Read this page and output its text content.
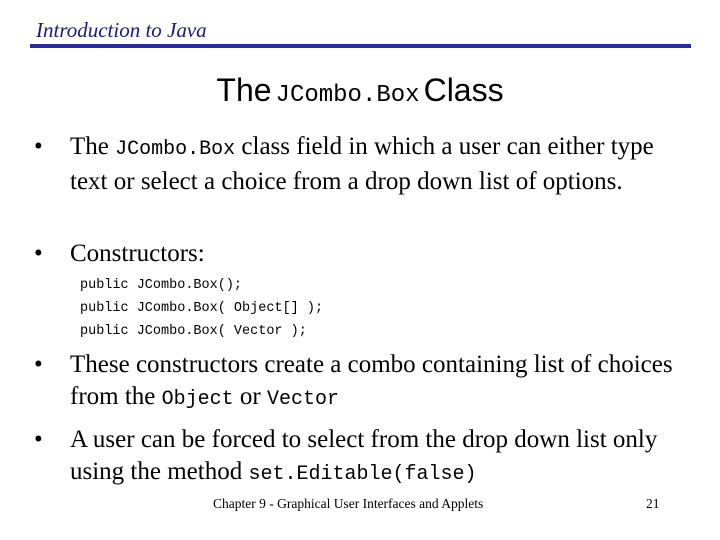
Introduction to Java
The JCombo.Box Class
• The JCombo.Box class field in which a user can either type text or select a choice from a drop down list of options.
• Constructors:
public JCombo.Box();
public JCombo.Box( Object[] );
public JCombo.Box( Vector );
• These constructors create a combo containing list of choices from the Object or Vector
• A user can be forced to select from the drop down list only using the method set.Editable(false)
Chapter 9 - Graphical User Interfaces and Applets	21
